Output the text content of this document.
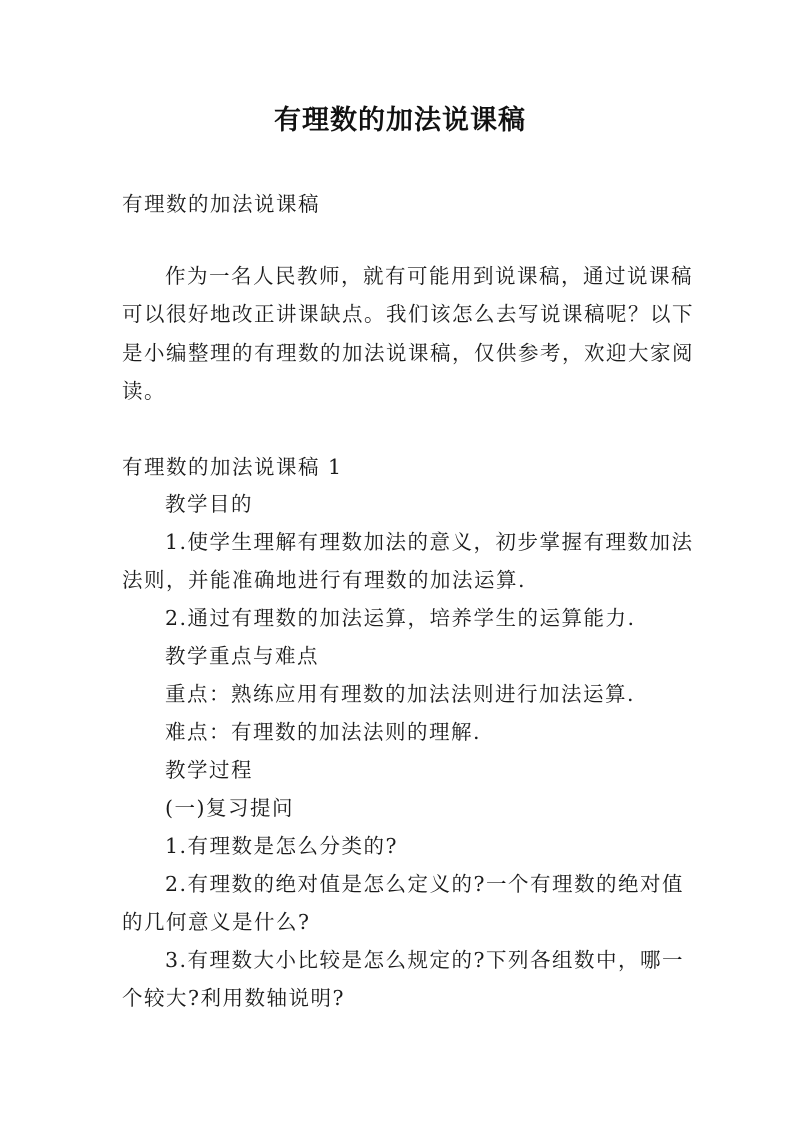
有理数的加法说课稿

有理数的加法说课稿

作为一名人民教师，就有可能用到说课稿，通过说课稿

可以很好地改正讲课缺点。我们该怎么去写说课稿呢？以下

是小编整理的有理数的加法说课稿，仅供参考，欢迎大家阅

读。

有理数的加法说课稿 1

教学目的

1.使学生理解有理数加法的意义，初步掌握有理数加法

法则，并能准确地进行有理数的加法运算.

2.通过有理数的加法运算，培养学生的运算能力.

教学重点与难点

重点：熟练应用有理数的加法法则进行加法运算.

难点：有理数的加法法则的理解.

教学过程

(一)复习提问

1.有理数是怎么分类的?

2.有理数的绝对值是怎么定义的?一个有理数的绝对值

的几何意义是什么?

3.有理数大小比较是怎么规定的?下列各组数中，哪一

个较大?利用数轴说明?
